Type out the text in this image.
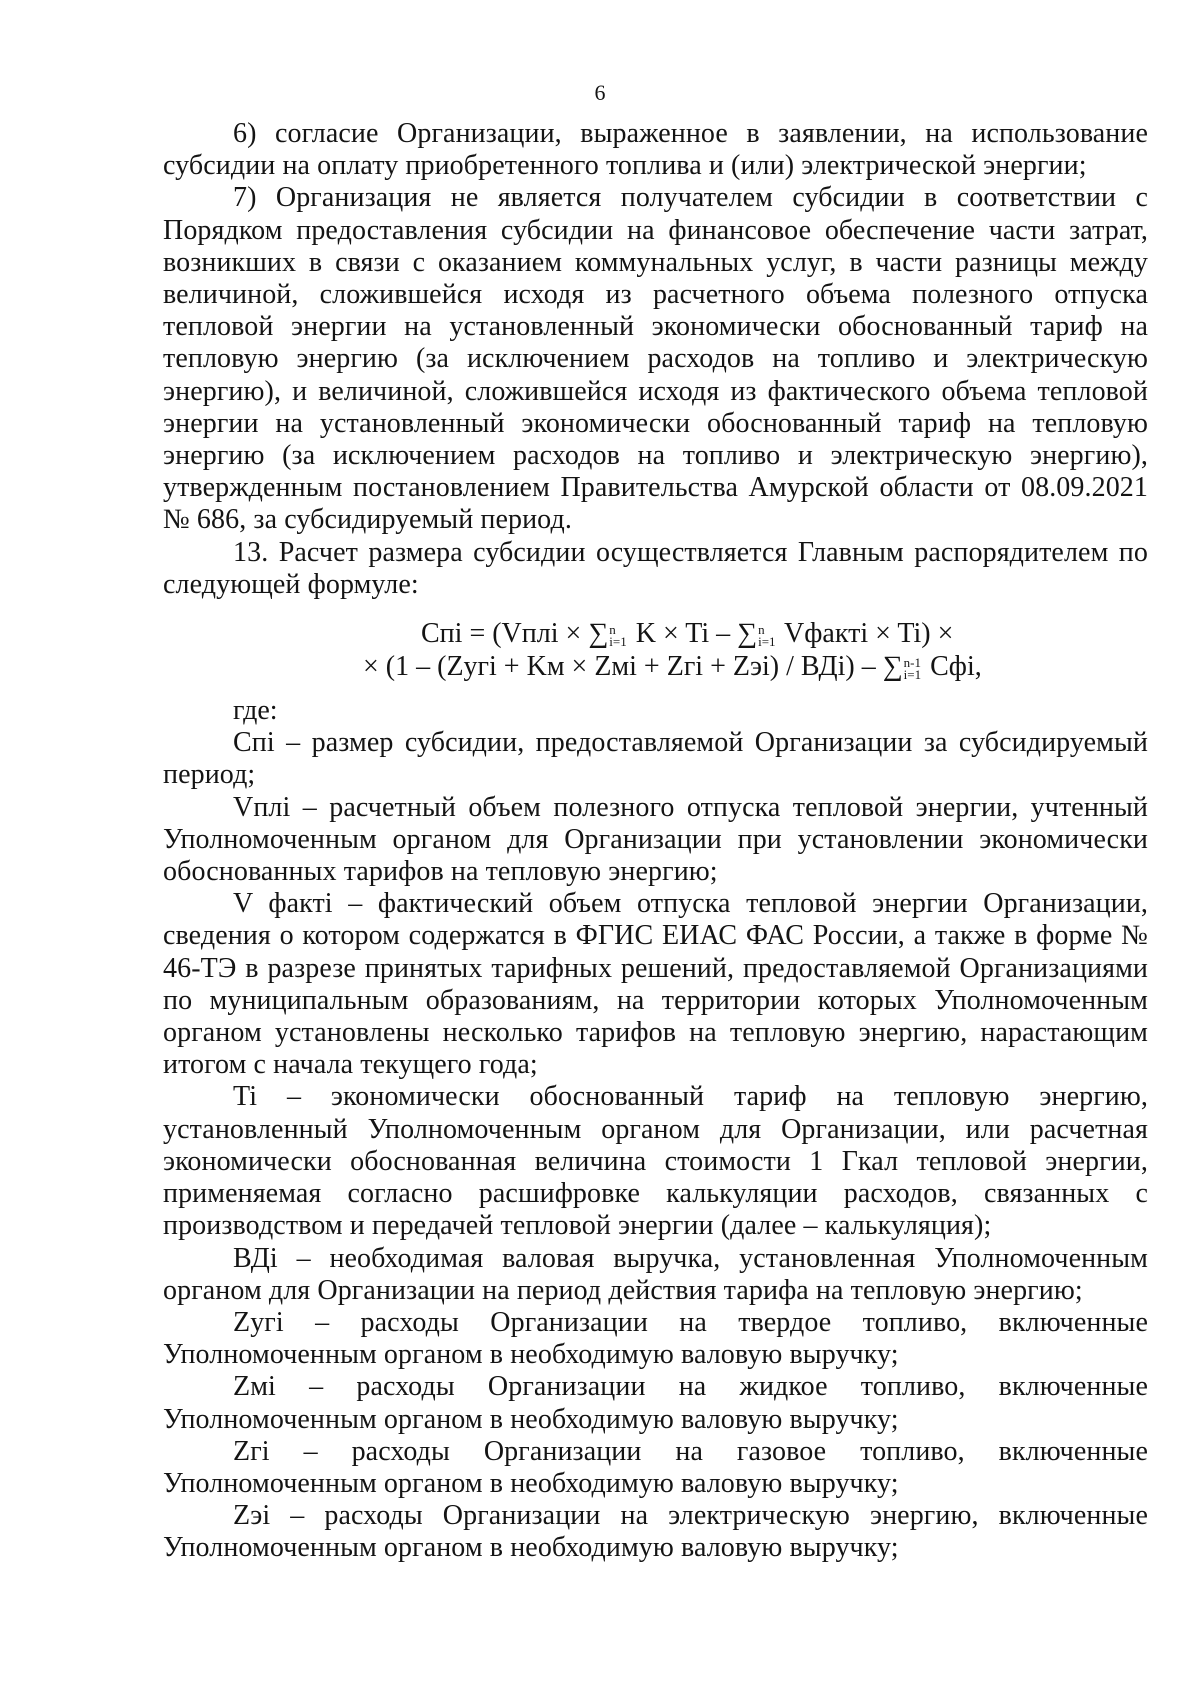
6

6) согласие Организации, выраженное в заявлении, на использование субсидии на оплату приобретенного топлива и (или) электрической энергии;

7) Организация не является получателем субсидии в соответствии с Порядком предоставления субсидии на финансовое обеспечение части затрат, возникших в связи с оказанием коммунальных услуг, в части разницы между величиной, сложившейся исходя из расчетного объема полезного отпуска тепловой энергии на установленный экономически обоснованный тариф на тепловую энергию (за исключением расходов на топливо и электрическую энергию), и величиной, сложившейся исходя из фактического объема тепловой энергии на установленный экономически обоснованный тариф на тепловую энергию (за исключением расходов на топливо и электрическую энергию), утвержденным постановлением Правительства Амурской области от 08.09.2021 № 686, за субсидируемый период.

13. Расчет размера субсидии осуществляется Главным распорядителем по следующей формуле:

Cпi = (Vплi × ∑ n
i=1 K × Ti – ∑ n
i=1 Vфактi × Ti) ×
× (1 – (Zугi + Kм × Zмi + Zгi + Zэi) / ВДi) – ∑ n-1
i=1 Cфi,

где:

Cпi – размер субсидии, предоставляемой Организации за субсидируемый период;

Vплi – расчетный объем полезного отпуска тепловой энергии, учтенный Уполномоченным органом для Организации при установлении экономически обоснованных тарифов на тепловую энергию;

V фактi – фактический объем отпуска тепловой энергии Организации, сведения о котором содержатся в ФГИС ЕИАС ФАС России, а также в форме № 46-ТЭ в разрезе принятых тарифных решений, предоставляемой Организациями по муниципальным образованиям, на территории которых Уполномоченным органом установлены несколько тарифов на тепловую энергию, нарастающим итогом с начала текущего года;

Ti – экономически обоснованный тариф на тепловую энергию, установленный Уполномоченным органом для Организации, или расчетная экономически обоснованная величина стоимости 1 Гкал тепловой энергии, применяемая согласно расшифровке калькуляции расходов, связанных с производством и передачей тепловой энергии (далее – калькуляция);

ВДi – необходимая валовая выручка, установленная Уполномоченным органом для Организации на период действия тарифа на тепловую энергию;

Zугi – расходы Организации на твердое топливо, включенные Уполномоченным органом в необходимую валовую выручку;

Zмi – расходы Организации на жидкое топливо, включенные Уполномоченным органом в необходимую валовую выручку;

Zгi – расходы Организации на газовое топливо, включенные Уполномоченным органом в необходимую валовую выручку;

Zэi – расходы Организации на электрическую энергию, включенные Уполномоченным органом в необходимую валовую выручку;
